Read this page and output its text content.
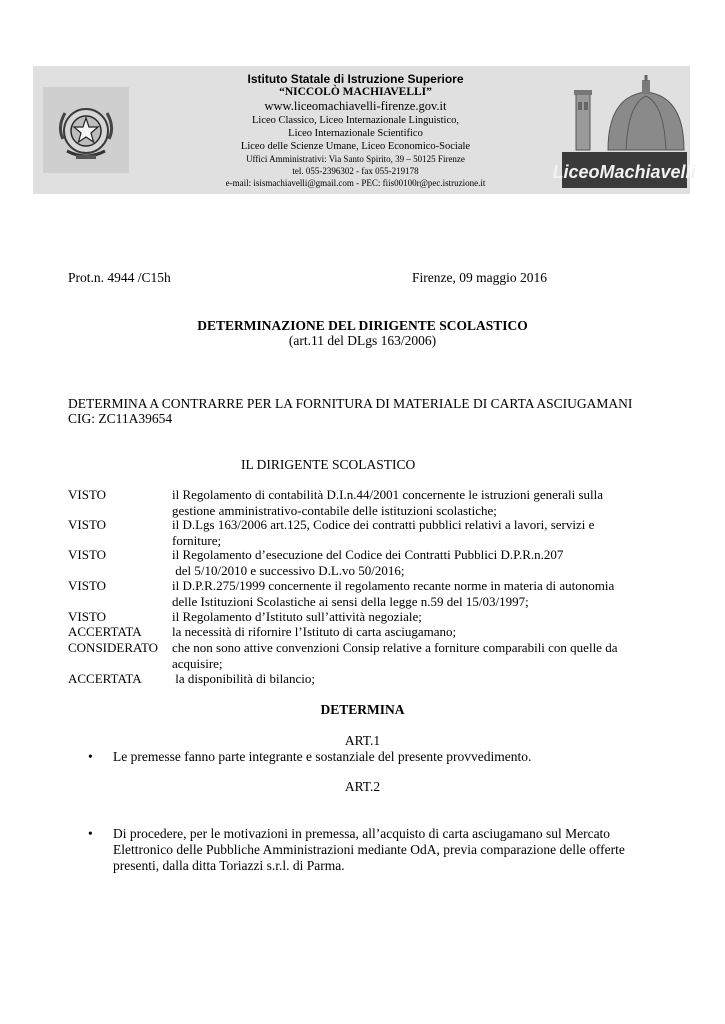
Istituto Statale di Istruzione Superiore
“NICCOLÒ MACHIAVELLI”
www.liceomachiavelli-firenze.gov.it
Liceo Classico, Liceo Internazionale Linguistico,
Liceo Internazionale Scientifico
Liceo delle Scienze Umane, Liceo Economico-Sociale
Uffici Amministrativi: Via Santo Spirito, 39 – 50125 Firenze
tel. 055-2396302 - fax 055-219178
e-mail: isismachiavelli@gmail.com - PEC: fiis00100r@pec.istruzione.it
LiceoMachiavelli
Prot.n. 4944 /C15h	Firenze, 09 maggio 2016
DETERMINAZIONE DEL DIRIGENTE SCOLASTICO
(art.11 del DLgs 163/2006)
DETERMINA A CONTRARRE PER LA FORNITURA DI MATERIALE DI CARTA ASCIUGAMANI
CIG: ZC11A39654
IL DIRIGENTE SCOLASTICO
VISTO	il Regolamento di contabilità D.I.n.44/2001 concernente le istruzioni generali sulla
gestione amministrativo-contabile delle istituzioni scolastiche;
VISTO	il D.Lgs 163/2006 art.125, Codice dei contratti pubblici relativi a lavori, servizi e
forniture;
VISTO	il Regolamento d’esecuzione del Codice dei Contratti Pubblici D.P.R.n.207
del 5/10/2010 e successivo D.L.vo 50/2016;
VISTO	il D.P.R.275/1999 concernente il regolamento recante norme in materia di autonomia
delle Istituzioni Scolastiche ai sensi della legge n.59 del 15/03/1997;
VISTO	il Regolamento d’Istituto sull’attività negoziale;
ACCERTATA la necessità di rifornire l’Istituto di carta asciugamano;
CONSIDERATO che non sono attive convenzioni Consip relative a forniture comparabili con quelle da
acquisire;
ACCERTATA la disponibilità di bilancio;
DETERMINA
ART.1
• Le premesse fanno parte integrante e sostanziale del presente provvedimento.
ART.2
• Di procedere, per le motivazioni in premessa, all’acquisto di carta asciugamano sul Mercato Elettronico delle Pubbliche Amministrazioni mediante OdA, previa comparazione delle offerte presenti, dalla ditta Toriazzi s.r.l. di Parma.
